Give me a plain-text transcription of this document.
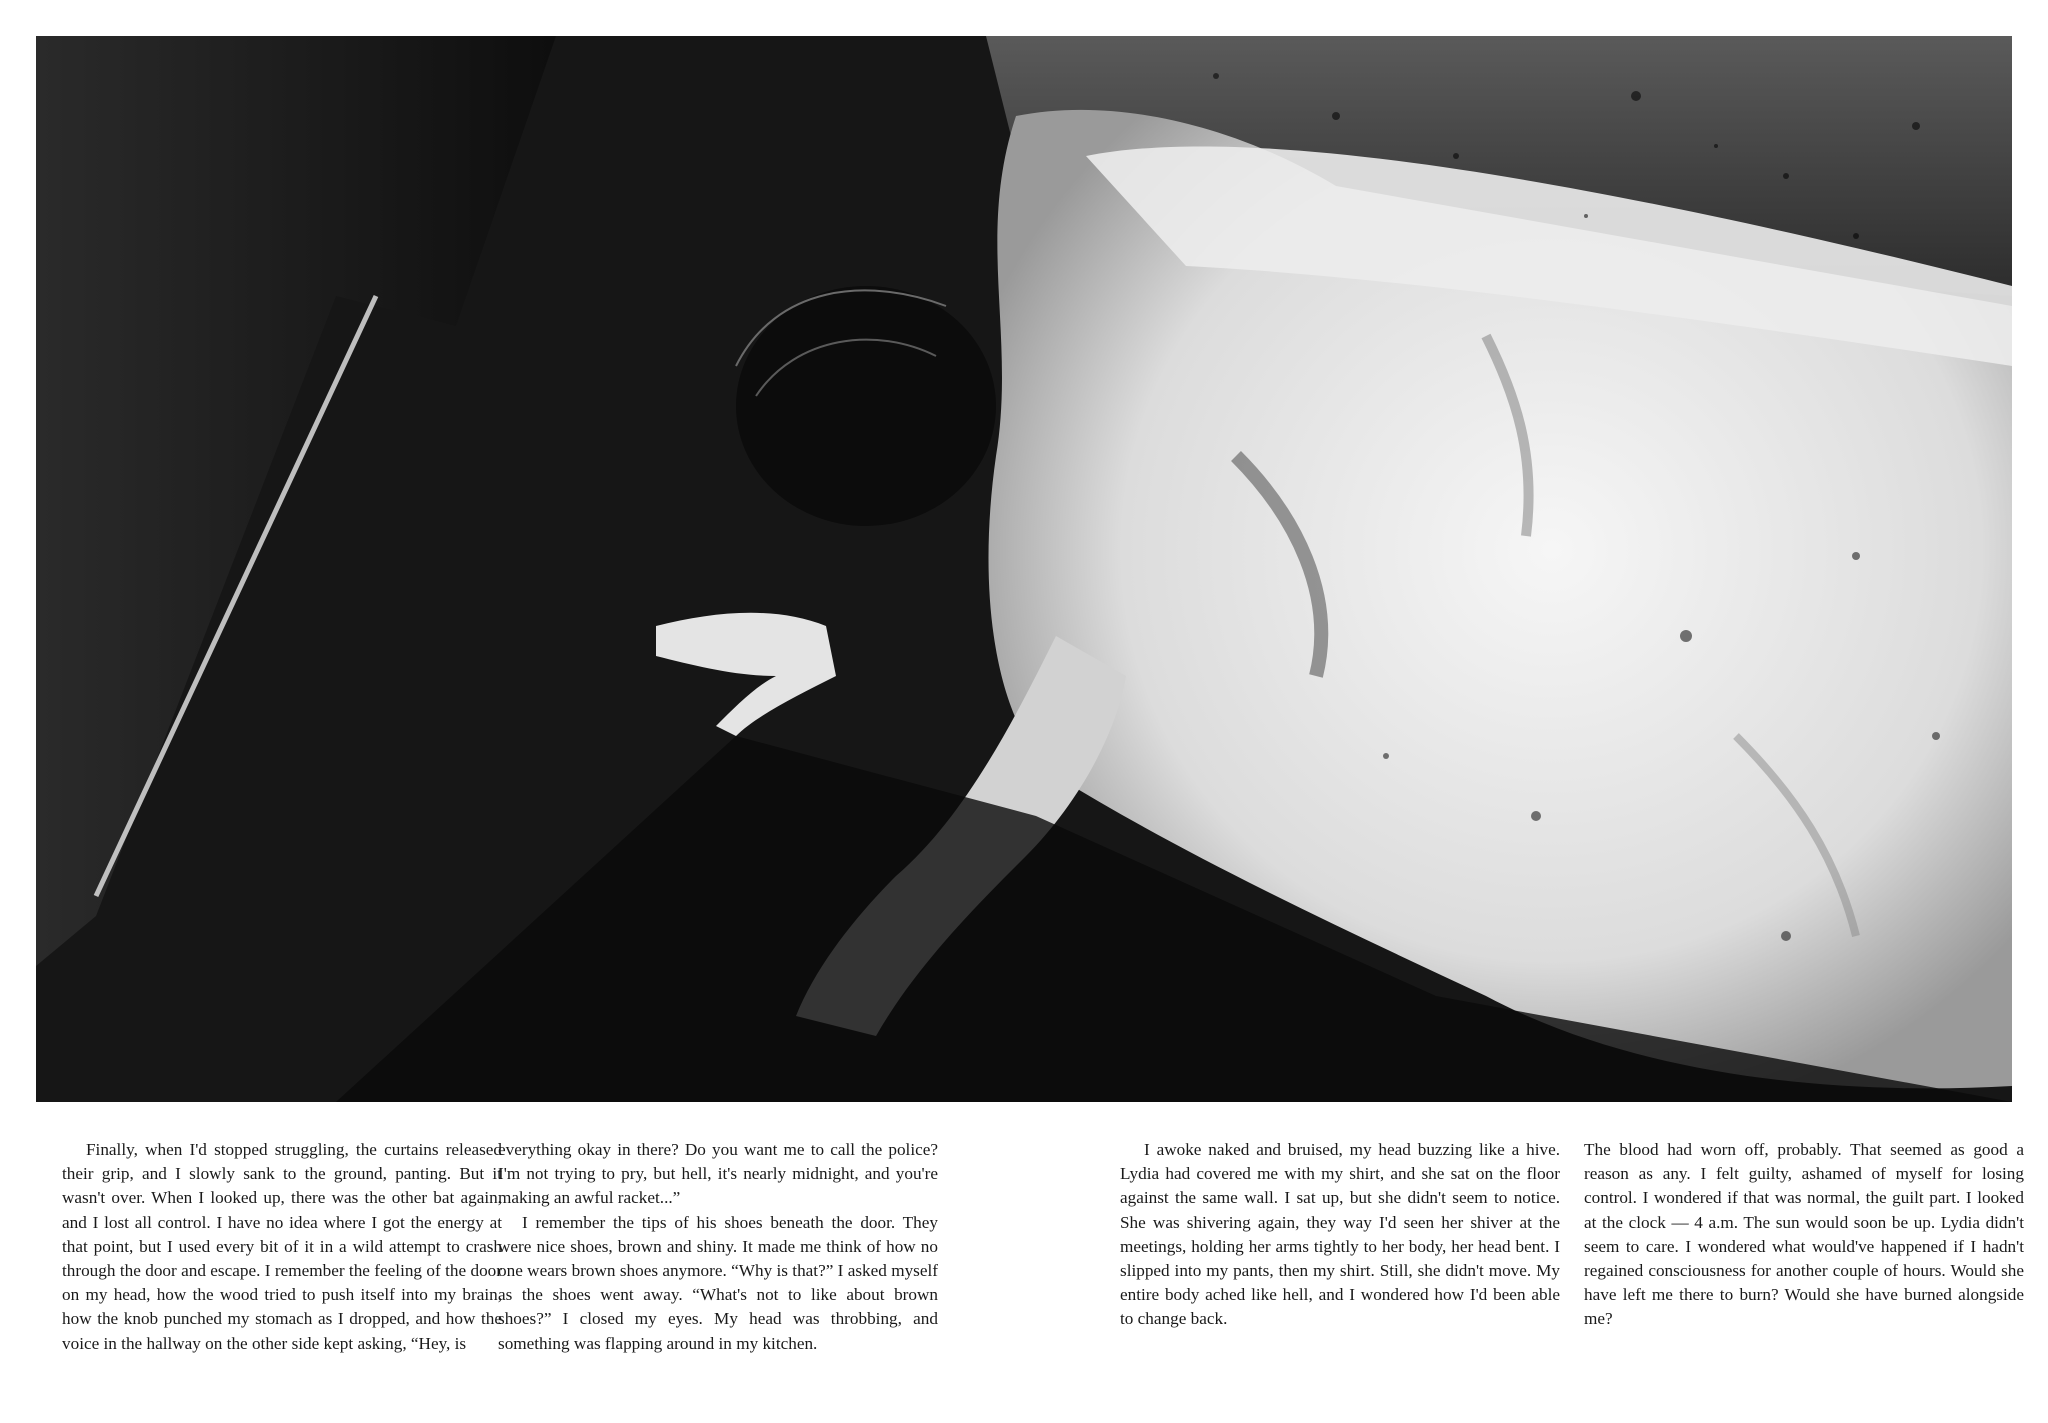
Finally, when I'd stopped struggling, the curtains released their grip, and I slowly sank to the ground, panting. But it wasn't over. When I looked up, there was the other bat again, and I lost all control. I have no idea where I got the energy at that point, but I used every bit of it in a wild attempt to crash through the door and escape. I remember the feeling of the door on my head, how the wood tried to push itself into my brain, how the knob punched my stomach as I dropped, and how the voice in the hallway on the other side kept asking, “Hey, is

everything okay in there? Do you want me to call the police? I'm not trying to pry, but hell, it's nearly midnight, and you're making an awful racket...”

I remember the tips of his shoes beneath the door. They were nice shoes, brown and shiny. It made me think of how no one wears brown shoes anymore. “Why is that?” I asked myself as the shoes went away. “What's not to like about brown shoes?” I closed my eyes. My head was throbbing, and something was flapping around in my kitchen.

I awoke naked and bruised, my head buzzing like a hive. Lydia had covered me with my shirt, and she sat on the floor against the same wall. I sat up, but she didn't seem to notice. She was shivering again, they way I'd seen her shiver at the meetings, holding her arms tightly to her body, her head bent. I slipped into my pants, then my shirt. Still, she didn't move. My entire body ached like hell, and I wondered how I'd been able to change back.

The blood had worn off, probably. That seemed as good a reason as any. I felt guilty, ashamed of myself for losing control. I wondered if that was normal, the guilt part. I looked at the clock — 4 a.m. The sun would soon be up. Lydia didn't seem to care. I wondered what would've happened if I hadn't regained consciousness for another couple of hours. Would she have left me there to burn? Would she have burned alongside me?
